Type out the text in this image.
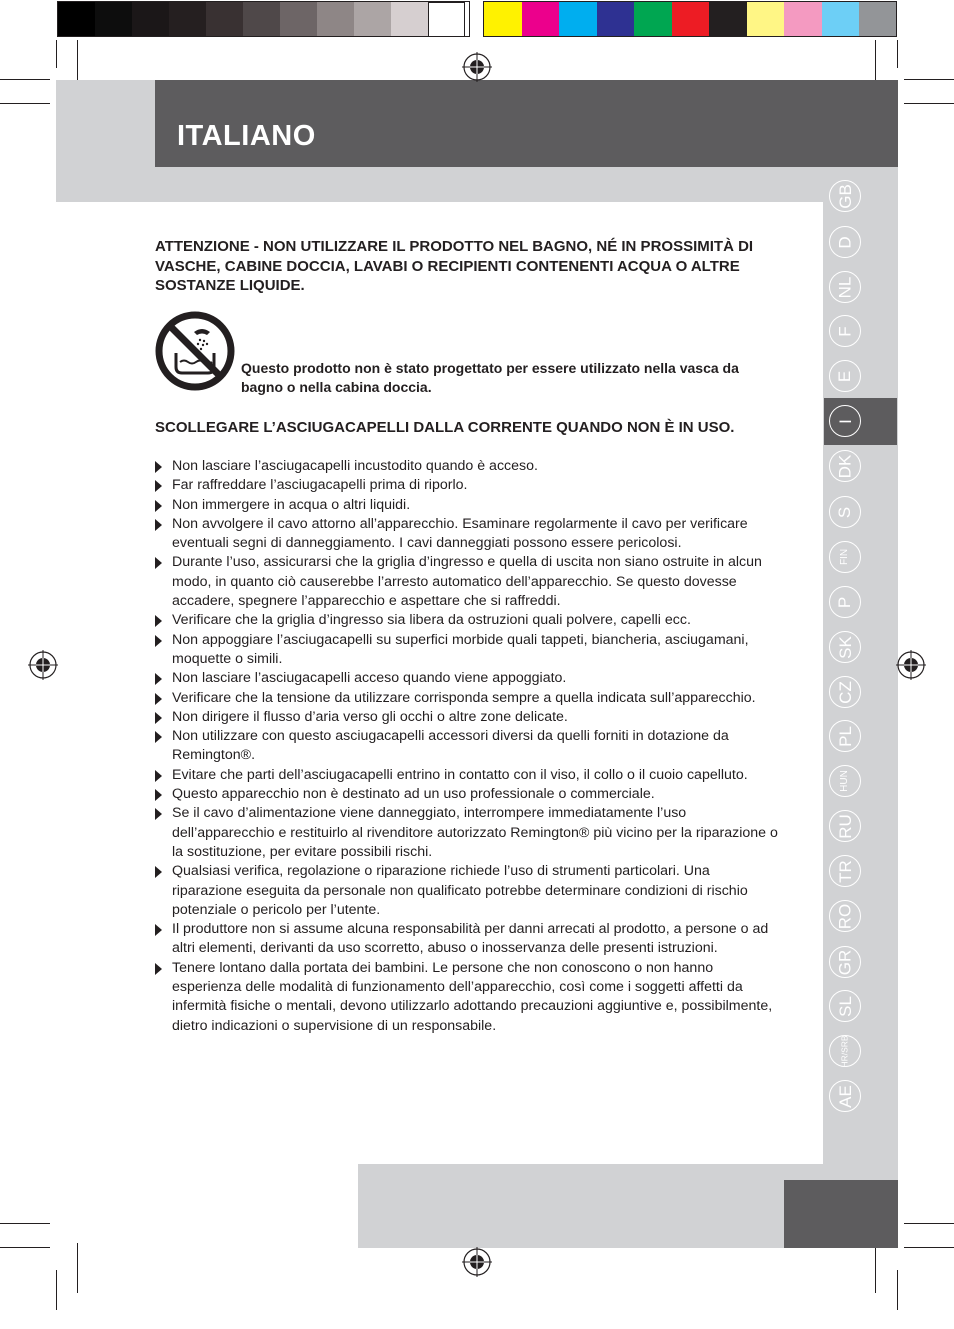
ITALIANO
GB
D
NL
F
E
I
DK
S
FIN
P
SK
CZ
PL
HUN
RU
TR
RO
GR
SL
HR/SRB
AE
ATTENZIONE - NON UTILIZZARE IL PRODOTTO NEL BAGNO, NÉ IN PROSSIMITÀ DI VASCHE, CABINE DOCCIA, LAVABI O RECIPIENTI CONTENENTI ACQUA O ALTRE SOSTANZE LIQUIDE.
Questo prodotto non è stato progettato per essere utilizzato nella vasca da bagno o nella cabina doccia.
SCOLLEGARE L’ASCIUGACAPELLI DALLA CORRENTE QUANDO NON È IN USO.
Non lasciare l’asciugacapelli incustodito quando è acceso.
Far raffreddare l’asciugacapelli prima di riporlo.
Non immergere in acqua o altri liquidi.
Non avvolgere il cavo attorno all’apparecchio. Esaminare regolarmente il cavo per verificare eventuali segni di danneggiamento. I cavi danneggiati possono essere pericolosi.
Durante l’uso, assicurarsi che la griglia d’ingresso e quella di uscita non siano ostruite in alcun modo, in quanto ciò causerebbe l’arresto automatico dell’apparecchio. Se questo dovesse accadere, spegnere l’apparecchio e aspettare che si raffreddi.
Verificare che la griglia d’ingresso sia libera da ostruzioni quali polvere, capelli ecc.
Non appoggiare l’asciugacapelli su superfici morbide quali tappeti, biancheria, asciugamani, moquette o simili.
Non lasciare l’asciugacapelli acceso quando viene appoggiato.
Verificare che la tensione da utilizzare corrisponda sempre a quella indicata sull’apparecchio.
Non dirigere il flusso d’aria verso gli occhi o altre zone delicate.
Non utilizzare con questo asciugacapelli accessori diversi da quelli forniti in dotazione da Remington®.
Evitare che parti dell’asciugacapelli entrino in contatto con il viso, il collo o il cuoio capelluto.
Questo apparecchio non è destinato ad un uso professionale o commerciale.
Se il cavo d’alimentazione viene danneggiato, interrompere immediatamente l’uso dell’apparecchio e restituirlo al rivenditore autorizzato Remington® più vicino per la riparazione o la sostituzione, per evitare possibili rischi.
Qualsiasi verifica, regolazione o riparazione richiede l’uso di strumenti particolari. Una riparazione eseguita da personale non qualificato potrebbe determinare condizioni di rischio potenziale o pericolo per l’utente.
Il produttore non si assume alcuna responsabilità per danni arrecati al prodotto, a persone o ad altri elementi, derivanti da uso scorretto, abuso o inosservanza delle presenti istruzioni.
Tenere lontano dalla portata dei bambini. Le persone che non conoscono o non hanno esperienza delle modalità di funzionamento dell’apparecchio, così come i soggetti affetti da infermità fisiche o mentali, devono utilizzarlo adottando precauzioni aggiuntive e, possibilmente, dietro indicazioni o supervisione di un responsabile.
